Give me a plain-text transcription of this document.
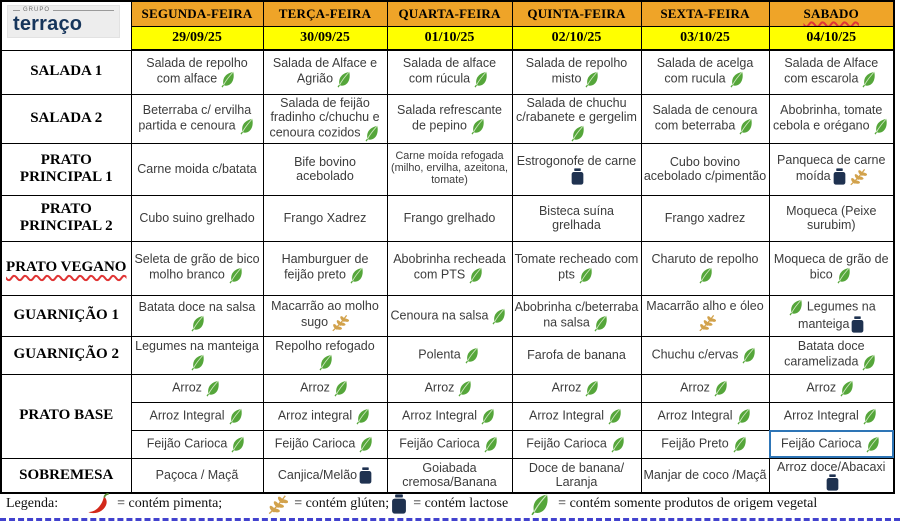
	SEGUNDA-FEIRA	TERÇA-FEIRA	QUARTA-FEIRA	QUINTA-FEIRA	SEXTA-FEIRA	SABADO
	29/09/25	30/09/25	01/10/25	02/10/25	03/10/25	04/10/25
SALADA 1	Salada de repolho com alface	Salada de Alface e Agrião	Salada de alface com rúcula	Salada de repolho misto	Salada de acelga com rucula	Salada de Alface com escarola
SALADA 2	Beterraba c/ ervilha partida e cenoura	Salada de feijão fradinho c/chuchu e cenoura cozidos	Salada refrescante de pepino	Salada de chuchu c/rabanete e gergelim	Salada de cenoura com beterraba	Abobrinha, tomate cebola e orégano
PRATO PRINCIPAL 1	Carne moida c/batata	Bife bovino acebolado	Carne moída refogada (milho, ervilha, azeitona, tomate)	Estrogonofe de carne	Cubo bovino acebolado c/pimentão	Panqueca de carne moída
PRATO PRINCIPAL 2	Cubo suino grelhado	Frango Xadrez	Frango grelhado	Bisteca suína grelhada	Frango xadrez	Moqueca (Peixe surubim)
PRATO VEGANO	Seleta de grão de bico molho branco	Hamburguer de feijão preto	Abobrinha recheada com PTS	Tomate recheado com pts	Charuto de repolho	Moqueca de grão de bico
GUARNIÇÃO 1	Batata doce na salsa	Macarrão ao molho sugo	Cenoura na salsa	Abobrinha c/beterraba na salsa	Macarrão alho e óleo	Legumes na manteiga
GUARNIÇÃO 2	Legumes na manteiga	Repolho refogado	Polenta	Farofa de banana	Chuchu c/ervas	Batata doce caramelizada
PRATO BASE	Arroz	Arroz	Arroz	Arroz	Arroz	Arroz
	Arroz Integral	Arroz integral	Arroz Integral	Arroz Integral	Arroz Integral	Arroz Integral
	Feijão Carioca	Feijão Carioca	Feijão Carioca	Feijão Carioca	Feijão Preto	Feijão Carioca
SOBREMESA	Paçoca / Maçã	Canjica/Melão	Goiabada cremosa/Banana	Doce de banana/ Laranja	Manjar de coco /Maçã	Arroz doce/Abacaxi
GRUPO
terraço
Legenda:	= contém pimenta;	= contém glúten; = contém lactose	= contém somente produtos de origem vegetal
